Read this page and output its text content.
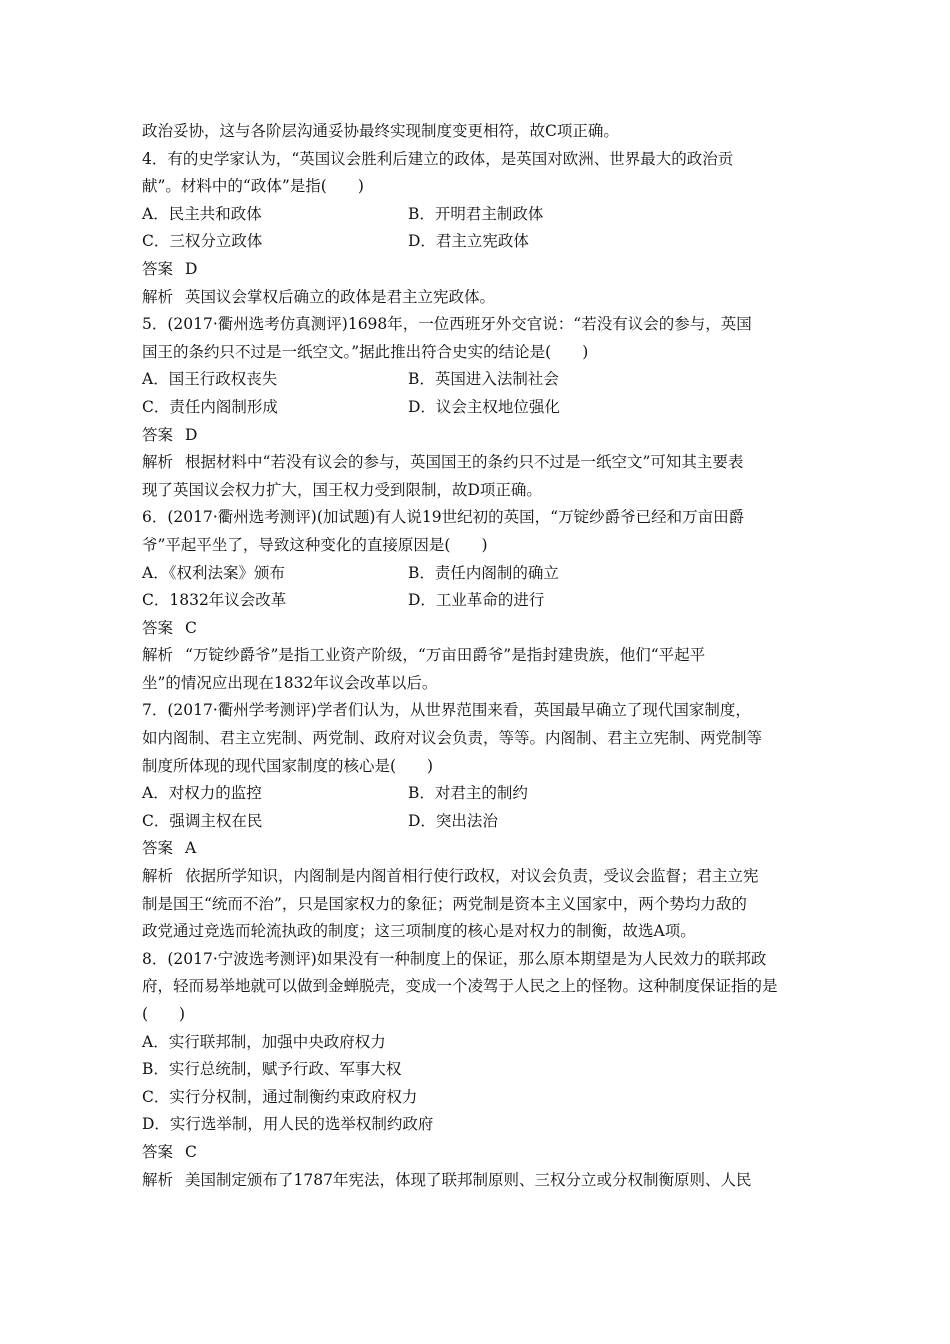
政治妥协，这与各阶层沟通妥协最终实现制度变更相符，故C项正确。
4．有的史学家认为，“英国议会胜利后建立的政体，是英国对欧洲、世界最大的政治贡
献”。材料中的“政体”是指(　　)
A．民主共和政体	B．开明君主制政体
C．三权分立政体	D．君主立宪政体
答案 D
解析 英国议会掌权后确立的政体是君主立宪政体。
5．(2017·衢州选考仿真测评)1698年，一位西班牙外交官说：“若没有议会的参与，英国
国王的条约只不过是一纸空文。”据此推出符合史实的结论是(　　)
A．国王行政权丧失	B．英国进入法制社会
C．责任内阁制形成	D．议会主权地位强化
答案 D
解析 根据材料中“若没有议会的参与，英国国王的条约只不过是一纸空文”可知其主要表
现了英国议会权力扩大，国王权力受到限制，故D项正确。
6．(2017·衢州选考测评)(加试题)有人说19世纪初的英国，“万锭纱爵爷已经和万亩田爵
爷”平起平坐了，导致这种变化的直接原因是(　　)
A．《权利法案》颁布	B．责任内阁制的确立
C．1832年议会改革	D．工业革命的进行
答案 C
解析 “万锭纱爵爷”是指工业资产阶级，“万亩田爵爷”是指封建贵族，他们“平起平
坐”的情况应出现在1832年议会改革以后。
7．(2017·衢州学考测评)学者们认为，从世界范围来看，英国最早确立了现代国家制度，
如内阁制、君主立宪制、两党制、政府对议会负责，等等。内阁制、君主立宪制、两党制等
制度所体现的现代国家制度的核心是(　　)
A．对权力的监控	B．对君主的制约
C．强调主权在民	D．突出法治
答案 A
解析 依据所学知识，内阁制是内阁首相行使行政权，对议会负责，受议会监督；君主立宪
制是国王“统而不治”，只是国家权力的象征；两党制是资本主义国家中，两个势均力敌的
政党通过竞选而轮流执政的制度；这三项制度的核心是对权力的制衡，故选A项。
8．(2017·宁波选考测评)如果没有一种制度上的保证，那么原本期望是为人民效力的联邦政
府，轻而易举地就可以做到金蝉脱壳，变成一个凌驾于人民之上的怪物。这种制度保证指的是
(　　)
A．实行联邦制，加强中央政府权力
B．实行总统制，赋予行政、军事大权
C．实行分权制，通过制衡约束政府权力
D．实行选举制，用人民的选举权制约政府
答案 C
解析 美国制定颁布了1787年宪法，体现了联邦制原则、三权分立或分权制衡原则、人民
